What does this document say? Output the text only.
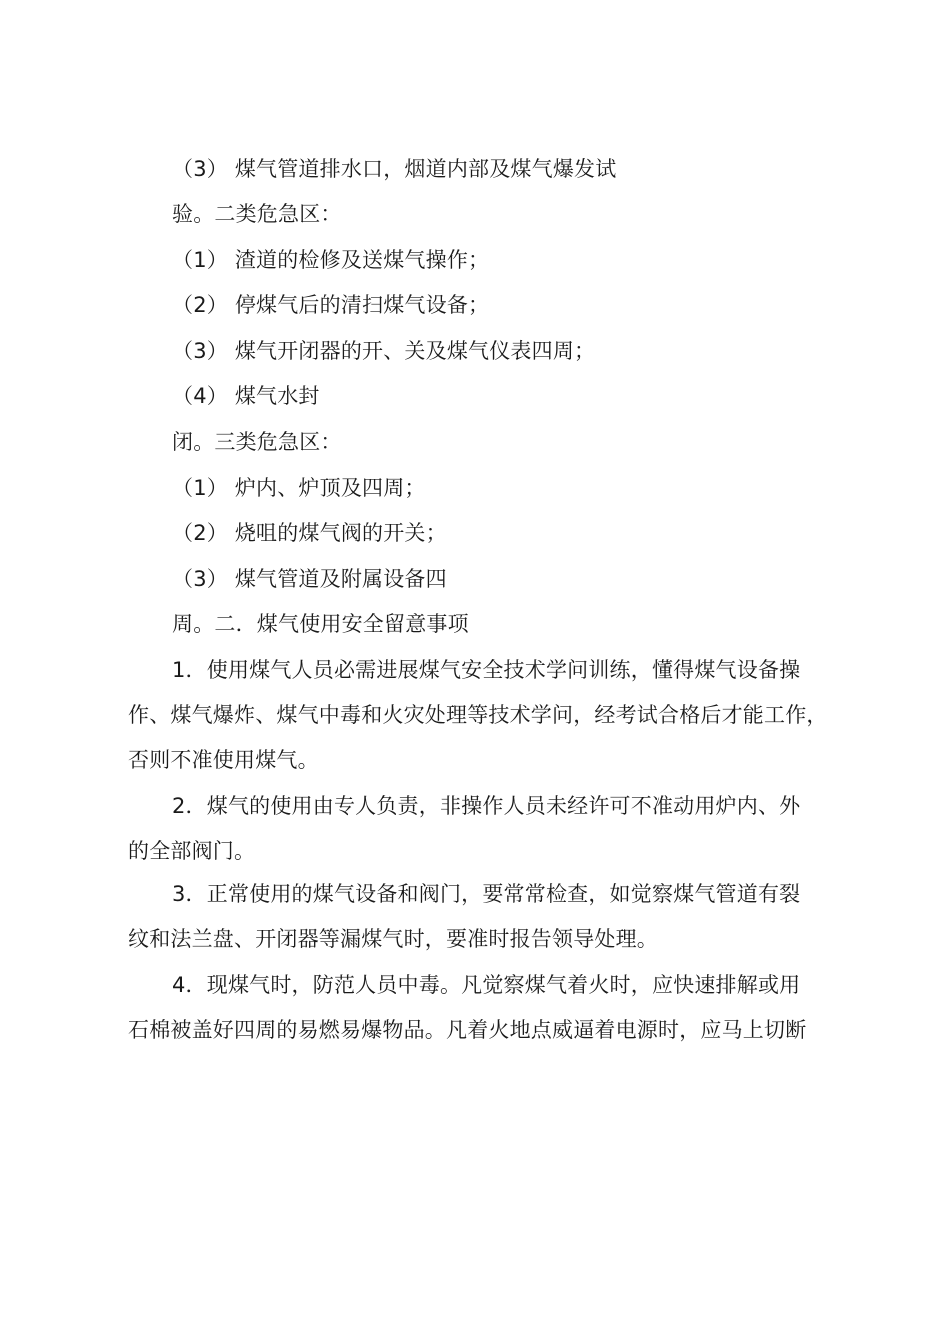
（3） 煤气管道排水口，烟道内部及煤气爆发试
验。二类危急区：
（1） 渣道的检修及送煤气操作；
（2） 停煤气后的清扫煤气设备；
（3） 煤气开闭器的开、关及煤气仪表四周；
（4） 煤气水封
闭。三类危急区：
（1） 炉内、炉顶及四周；
（2） 烧咀的煤气阀的开关；
（3） 煤气管道及附属设备四
周。二．煤气使用安全留意事项
1．使用煤气人员必需进展煤气安全技术学问训练，懂得煤气设备操
作、煤气爆炸、煤气中毒和火灾处理等技术学问，经考试合格后才能工作，
否则不准使用煤气。
2．煤气的使用由专人负责，非操作人员未经许可不准动用炉内、外
的全部阀门。
3．正常使用的煤气设备和阀门，要常常检查，如觉察煤气管道有裂
纹和法兰盘、开闭器等漏煤气时，要准时报告领导处理。
4．现煤气时，防范人员中毒。凡觉察煤气着火时，应快速排解或用
石棉被盖好四周的易燃易爆物品。凡着火地点威逼着电源时，应马上切断
